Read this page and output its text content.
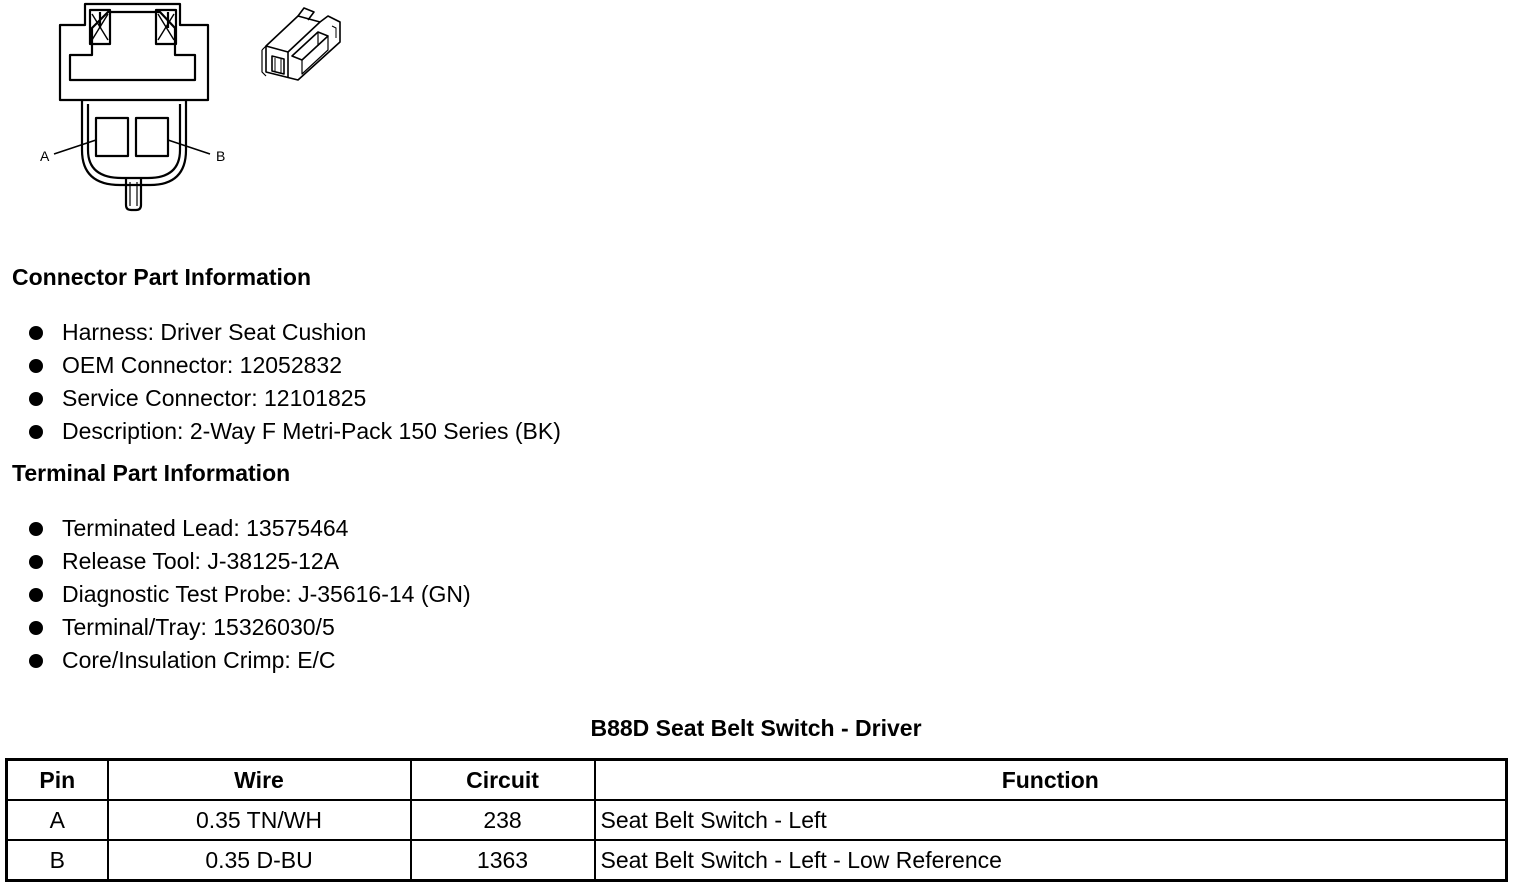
A	B
Connector Part Information
Harness: Driver Seat Cushion
OEM Connector: 12052832
Service Connector: 12101825
Description: 2-Way F Metri-Pack 150 Series (BK)
Terminal Part Information
Terminated Lead: 13575464
Release Tool: J-38125-12A
Diagnostic Test Probe: J-35616-14 (GN)
Terminal/Tray: 15326030/5
Core/Insulation Crimp: E/C
B88D Seat Belt Switch - Driver
Pin	Wire	Circuit	Function
A	0.35 TN/WH	238	Seat Belt Switch - Left
B	0.35 D-BU	1363	Seat Belt Switch - Left - Low Reference
